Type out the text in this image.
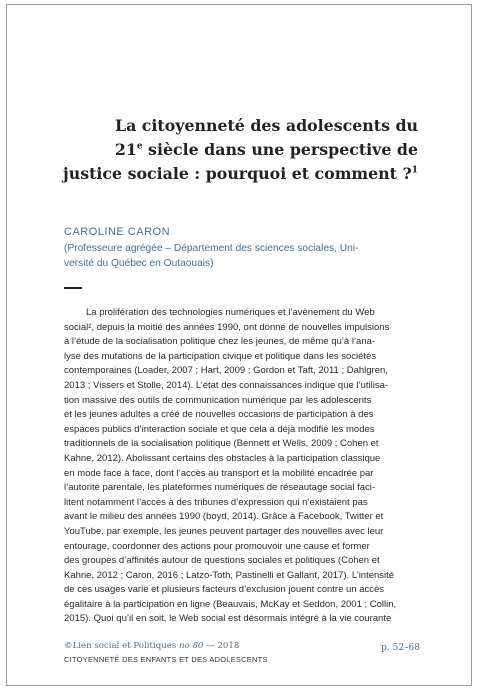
La citoyenneté des adolescents du
21e siècle dans une perspective de
justice sociale : pourquoi et comment ?$^1$
CAROLINE CARON
(Professeure agrégée – Département des sciences sociales, Uni-
versité du Québec en Outaouais)
La prolifération des technologies numériques et l’avènement du Web
social², depuis la moitié des années 1990, ont donné de nouvelles impulsions
à l’étude de la socialisation politique chez les jeunes, de même qu’à l’ana-
lyse des mutations de la participation civique et politique dans les sociétés
contemporaines (Loader, 2007 ; Hart, 2009 ; Gordon et Taft, 2011 ; Dahlgren,
2013 ; Vissers et Stolle, 2014). L’état des connaissances indique que l’utilisa-
tion massive des outils de communication numérique par les adolescents
et les jeunes adultes a créé de nouvelles occasions de participation à des
espaces publics d’interaction sociale et que cela a déjà modifié les modes
traditionnels de la socialisation politique (Bennett et Wells, 2009 ; Cohen et
Kahne, 2012). Abolissant certains des obstacles à la participation classique
en mode face à face, dont l’accès au transport et la mobilité encadrée par
l’autorité parentale, les plateformes numériques de réseautage social faci-
litent notamment l’accès à des tribunes d’expression qui n’existaient pas
avant le milieu des années 1990 (boyd, 2014). Grâce à Facebook, Twitter et
YouTube, par exemple, les jeunes peuvent partager des nouvelles avec leur
entourage, coordonner des actions pour promouvoir une cause et former
des groupes d’affinités autour de questions sociales et politiques (Cohen et
Kahne, 2012 ; Caron, 2016 ; Latzo-Toth, Pastinelli et Gallant, 2017). L’intensité
de ces usages varie et plusieurs facteurs d’exclusion jouent contre un accès
égalitaire à la participation en ligne (Beauvais, McKay et Seddon, 2001 ; Collin,
2015). Quoi qu’il en soit, le Web social est désormais intégré à la vie courante
©Lien social et Politiques no 80 — 2018
CITOYENNETÉ DES ENFANTS ET DES ADOLESCENTS
p. 52–68
